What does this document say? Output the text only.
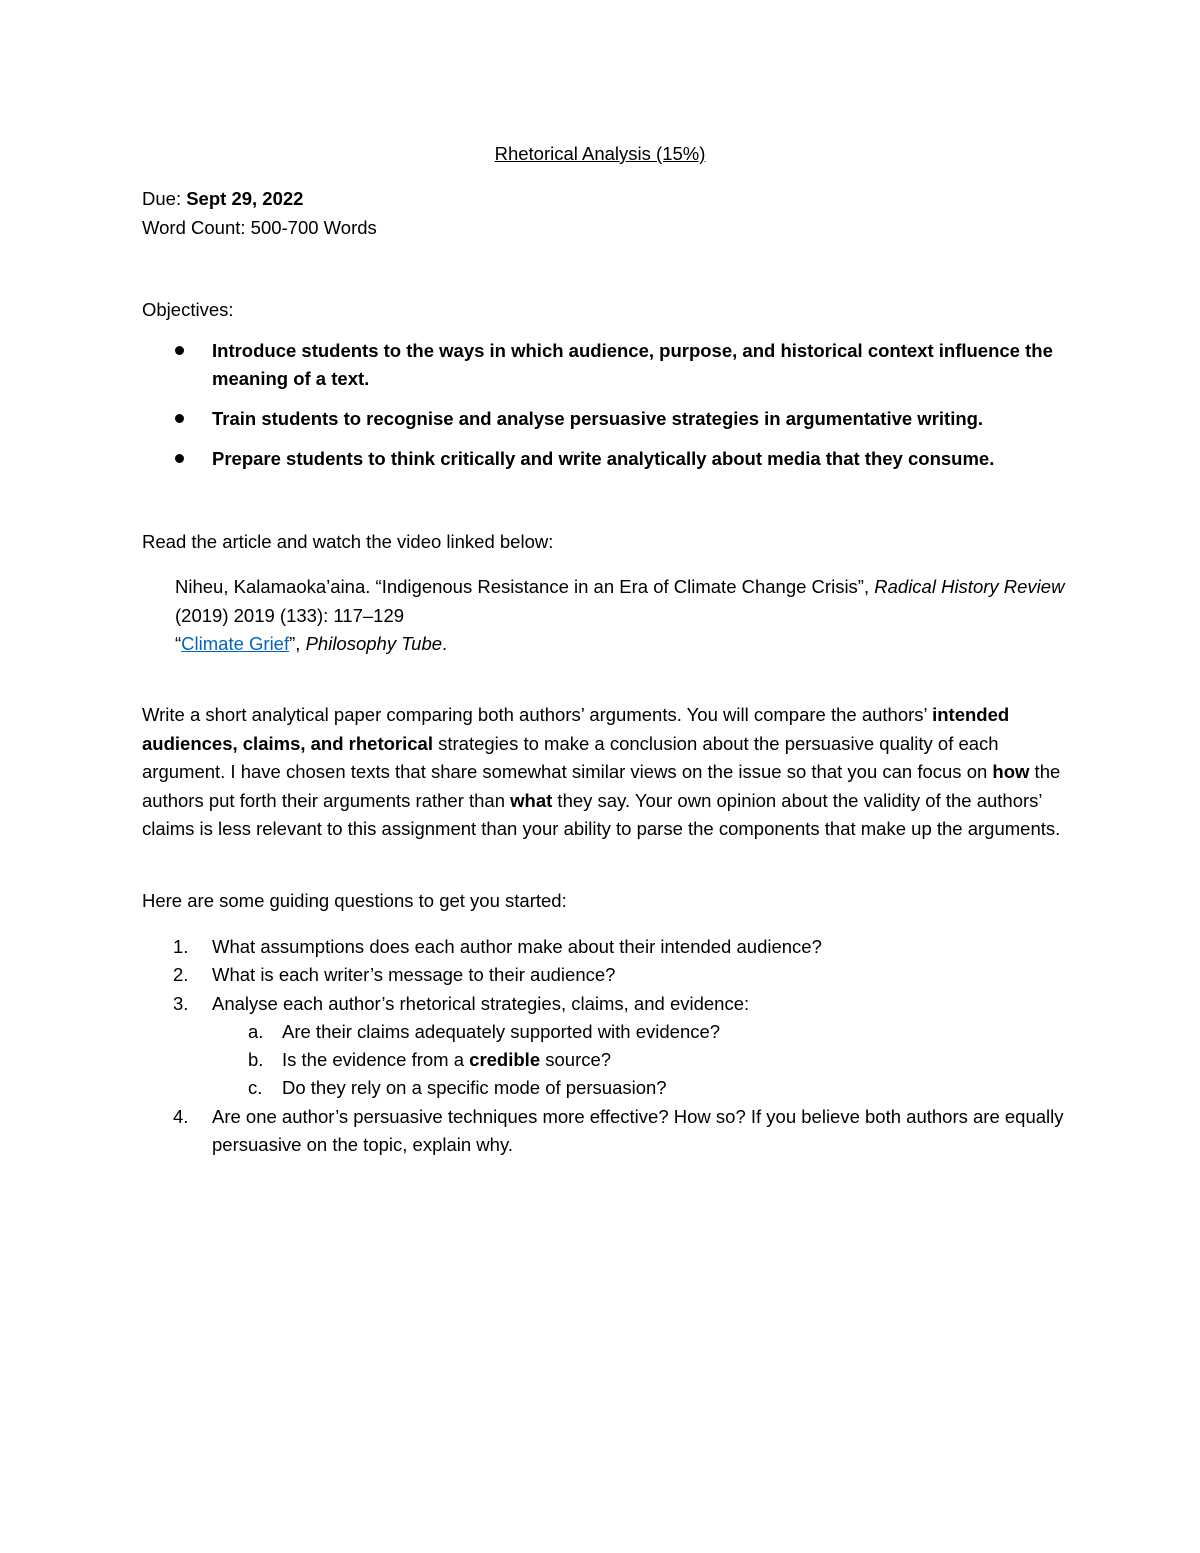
Rhetorical Analysis (15%)
Due: Sept 29, 2022
Word Count: 500-700 Words
Objectives:
Introduce students to the ways in which audience, purpose, and historical context influence the meaning of a text.
Train students to recognise and analyse persuasive strategies in argumentative writing.
Prepare students to think critically and write analytically about media that they consume.
Read the article and watch the video linked below:
Niheu, Kalamaoka’aina. “Indigenous Resistance in an Era of Climate Change Crisis”, Radical History Review (2019) 2019 (133): 117–129
“Climate Grief”, Philosophy Tube.
Write a short analytical paper comparing both authors’ arguments. You will compare the authors’ intended audiences, claims, and rhetorical strategies to make a conclusion about the persuasive quality of each argument. I have chosen texts that share somewhat similar views on the issue so that you can focus on how the authors put forth their arguments rather than what they say. Your own opinion about the validity of the authors’ claims is less relevant to this assignment than your ability to parse the components that make up the arguments.
Here are some guiding questions to get you started:
1. What assumptions does each author make about their intended audience?
2. What is each writer’s message to their audience?
3. Analyse each author’s rhetorical strategies, claims, and evidence:
a. Are their claims adequately supported with evidence?
b. Is the evidence from a credible source?
c. Do they rely on a specific mode of persuasion?
4. Are one author’s persuasive techniques more effective? How so? If you believe both authors are equally persuasive on the topic, explain why.
